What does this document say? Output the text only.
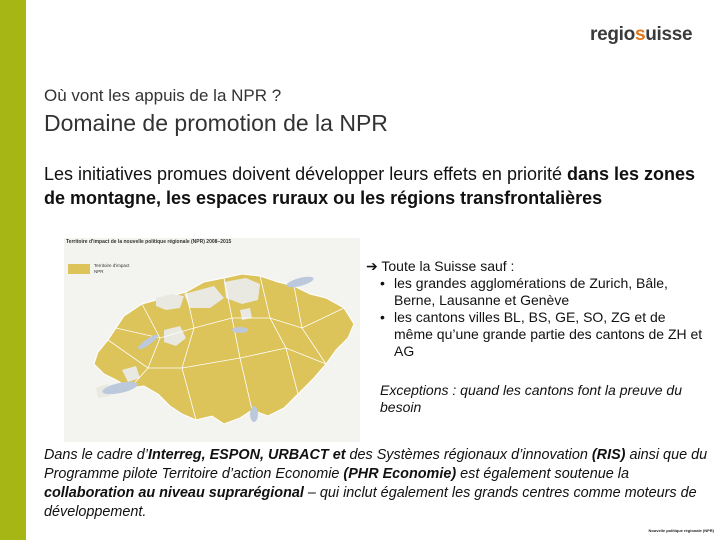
regiosuisse
Où vont les appuis de la NPR ?
Domaine de promotion de la NPR
Les initiatives promues doivent développer leurs effets en priorité dans les zones de montagne, les espaces ruraux ou les régions transfrontalières
Territoire d'impact de la nouvelle politique régionale (NPR) 2008–2015
Territoire d'impact NPR	➔ Toute la Suisse sauf :
• les grandes agglomérations de Zurich, Bâle, Berne, Lausanne et Genève
• les cantons villes BL, BS, GE, SO, ZG et de même qu’une grande partie des cantons de ZH et AG
Exceptions : quand les cantons font la preuve du besoin
Dans le cadre d’Interreg, ESPON, URBACT et des Systèmes régionaux d’innovation (RIS) ainsi que du Programme pilote Territoire d’action Economie (PHR Economie) est également soutenue la collaboration au niveau suprarégional – qui inclut également les grands centres comme moteurs de développement.
Nouvelle politique régionale (NPR)
